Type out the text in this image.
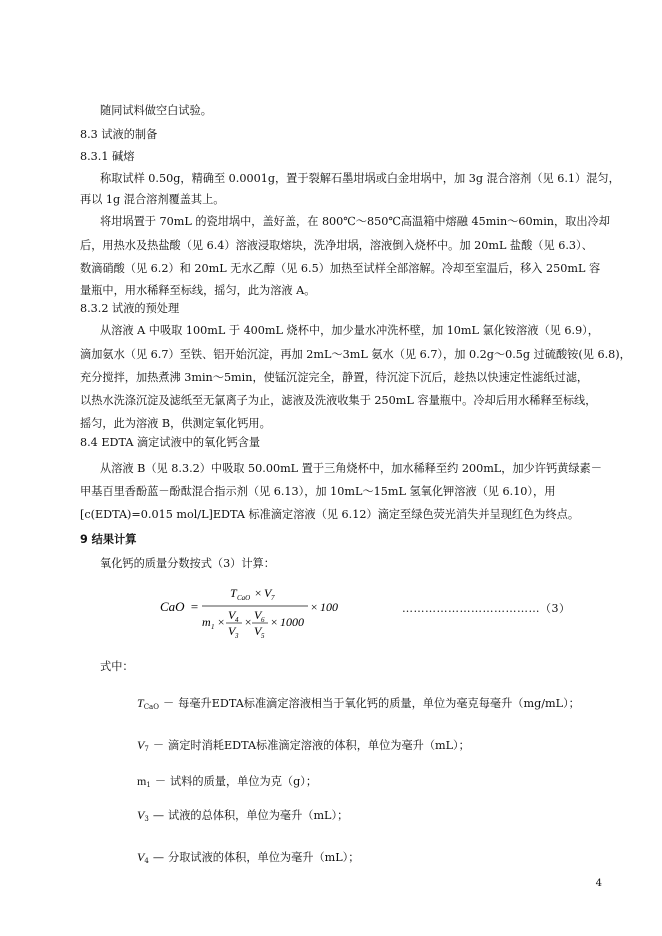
随同试料做空白试验。
8.3 试液的制备
8.3.1 碱熔
称取试样 0.50g，精确至 0.0001g，置于裂解石墨坩埚或白金坩埚中，加 3g 混合溶剂（见 6.1）混匀，
再以 1g 混合溶剂覆盖其上。
将坩埚置于 70mL 的瓷坩埚中，盖好盖，在 800℃～850℃高温箱中熔融 45min～60min，取出冷却
后，用热水及热盐酸（见 6.4）溶液浸取熔块，洗净坩埚，溶液倒入烧杯中。加 20mL 盐酸（见 6.3）、
数滴硝酸（见 6.2）和 20mL 无水乙醇（见 6.5）加热至试样全部溶解。冷却至室温后，移入 250mL 容
量瓶中，用水稀释至标线，摇匀，此为溶液 A。
8.3.2 试液的预处理
从溶液 A 中吸取 100mL 于 400mL 烧杯中，加少量水冲洗杯壁，加 10mL 氯化铵溶液（见 6.9），
滴加氨水（见 6.7）至铁、铝开始沉淀，再加 2mL～3mL 氨水（见 6.7），加 0.2g～0.5g 过硫酸铵(见 6.8)，
充分搅拌，加热煮沸 3min～5min，使锰沉淀完全，静置，待沉淀下沉后，趁热以快速定性滤纸过滤，
以热水洗涤沉淀及滤纸至无氯离子为止，滤液及洗液收集于 250mL 容量瓶中。冷却后用水稀释至标线，
摇匀，此为溶液 B，供测定氧化钙用。
8.4 EDTA 滴定试液中的氧化钙含量
从溶液 B（见 8.3.2）中吸取 50.00mL 置于三角烧杯中，加水稀释至约 200mL，加少许钙黄绿素－
甲基百里香酚蓝－酚酞混合指示剂（见 6.13），加 10mL～15mL 氢氧化钾溶液（见 6.10），用
[c(EDTA)=0.015 mol/L]EDTA 标准滴定溶液（见 6.12）滴定至绿色荧光消失并呈现红色为终点。
9 结果计算
氧化钙的质量分数按式（3）计算：
式中：
CaO =
T CaO × V 7
× 100
m 1 × V 4
V 3
× V 6
V 5
× 1000
………………………………（3）
$T_{CaO}$ － 每毫升EDTA标准滴定溶液相当于氧化钙的质量，单位为毫克每毫升（mg/mL）；
$V_7$ － 滴定时消耗EDTA标准滴定溶液的体积，单位为毫升（mL）；
$m_1$ － 试料的质量，单位为克（g）；
$V_3$ — 试液的总体积，单位为毫升（mL）；
$V_4$ — 分取试液的体积，单位为毫升（mL）；
4
